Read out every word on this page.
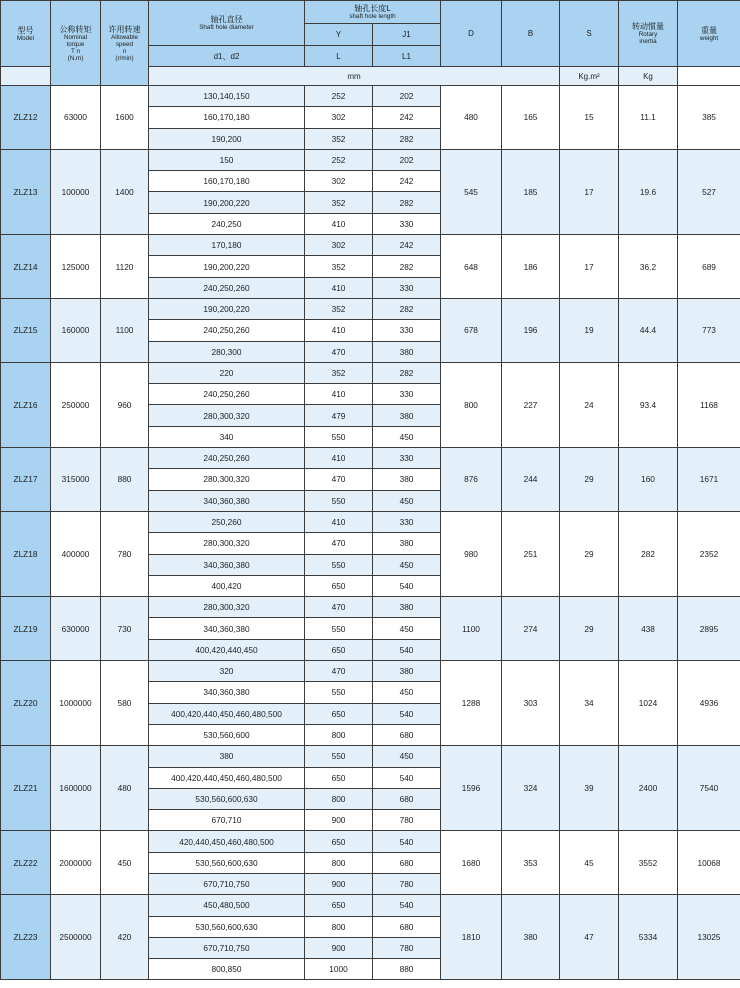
型号
Model	公称转矩
Nominal
torque
T n
(N.m)	许用转速
Allowable
speed
n
(r/min)	轴孔直径
Shaft hole diameter	轴孔长度L
shaft hole length		D	B	S	转动惯量
Rotary
inertia	重量
weight

				Y	J1					
			d1、d2	L	L1					
			mm					Kg.m²	Kg	
ZLZ12	63000	1600	130,140,150	252	202	480	165	15	11.1	385
			160,170,180	302	242					
			190,200	352	282					
ZLZ13	100000	1400	150	252	202	545	185	17	19.6	527
			160,170,180	302	242					
			190,200,220	352	282					
			240,250	410	330					
ZLZ14	125000	1120	170,180	302	242	648	186	17	36.2	689
			190,200,220	352	282					
			240,250,260	410	330					
ZLZ15	160000	1100	190,200,220	352	282	678	196	19	44.4	773
			240,250,260	410	330					
			280,300	470	380					
ZLZ16	250000	960	220	352	282	800	227	24	93.4	1168
			240,250,260	410	330					
			280,300,320	479	380					
			340	550	450					
ZLZ17	315000	880	240,250,260	410	330	876	244	29	160	1671
			280,300,320	470	380					
			340,360,380	550	450					
ZLZ18	400000	780	250,260	410	330	980	251	29	282	2352
			280,300,320	470	380					
			340,360,380	550	450					
			400,420	650	540					
ZLZ19	630000	730	280,300,320	470	380	1100	274	29	438	2895
			340,360,380	550	450					
			400,420,440,450	650	540					
ZLZ20	1000000	580	320	470	380	1288	303	34	1024	4936
			340,360,380	550	450					
			400,420,440,450,460,480,500	650	540					
			530,560,600	800	680					
ZLZ21	1600000	480	380	550	450	1596	324	39	2400	7540
			400,420,440,450,460,480,500	650	540					
			530,560,600,630	800	680					
			670,710	900	780					
ZLZ22	2000000	450	420,440,450,460,480,500	650	540	1680	353	45	3552	10068
			530,560,600,630	800	680					
			670,710,750	900	780					
ZLZ23	2500000	420	450,480,500	650	540	1810	380	47	5334	13025
			530,560,600,630	800	680					
			670,710,750	900	780					
			800,850	1000	880					
